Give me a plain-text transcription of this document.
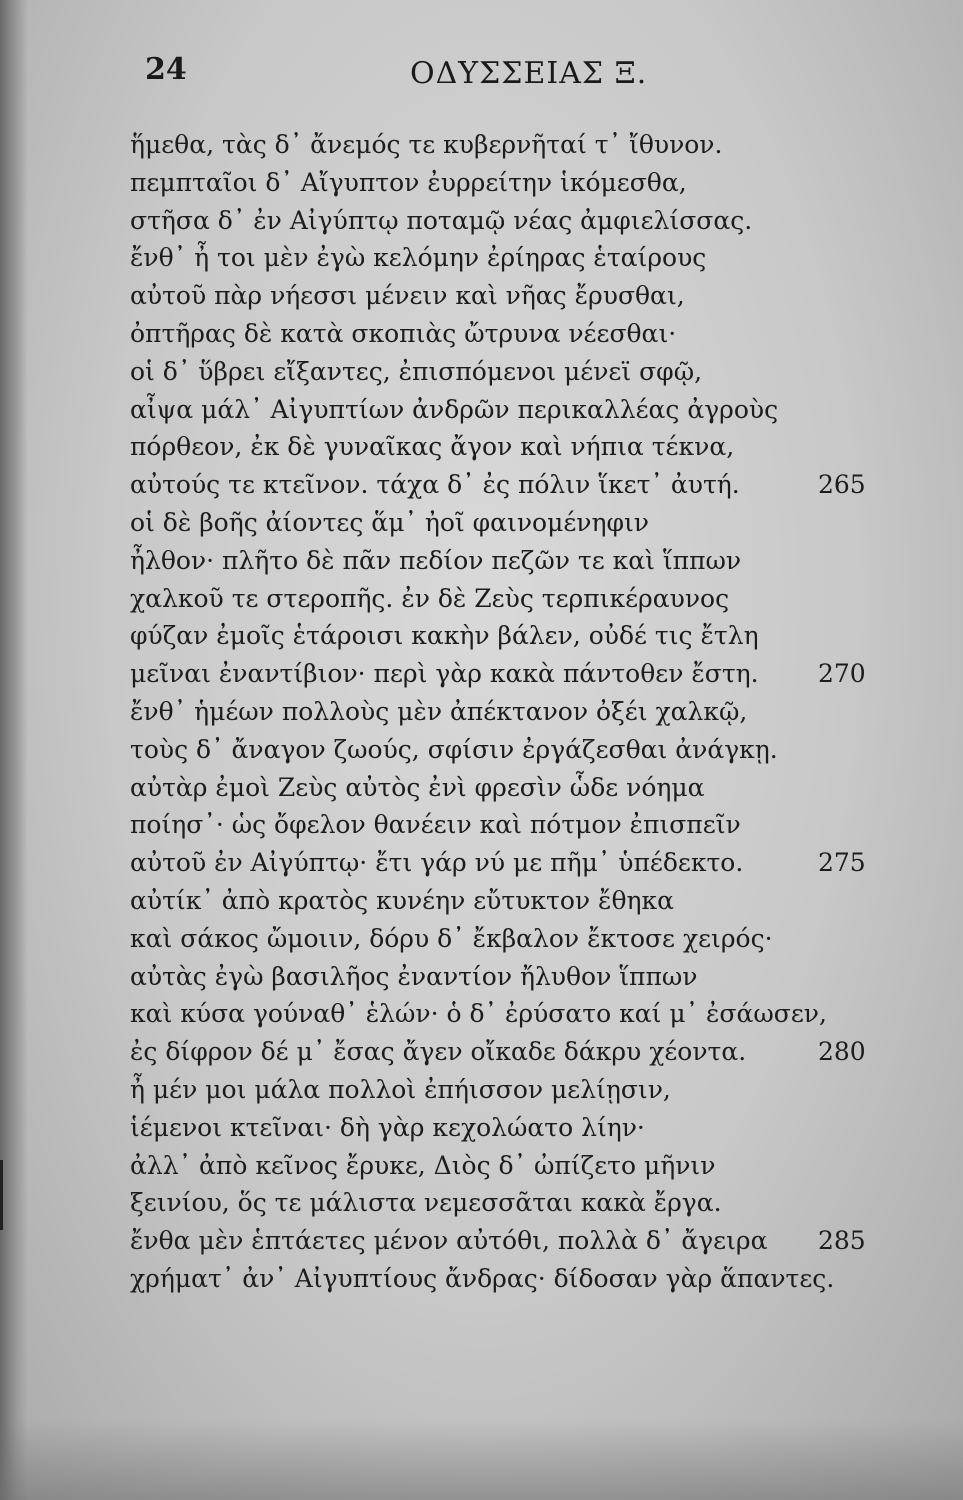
24	ΟΔΥΣΣΕΙΑΣ Ξ.
ἥμεθα, τὰς δ᾽ ἄνεμός τε κυβερνῆταί τ᾽ ἴθυνον.
πεμπταῖοι δ᾽ Αἴγυπτον ἐυρρείτην ἱκόμεσθα,
στῆσα δ᾽ ἐν Αἰγύπτῳ ποταμῷ νέας ἀμφιελίσσας.
ἔνθ᾽ ἦ τοι μὲν ἐγὼ κελόμην ἐρίηρας ἑταίρους
αὐτοῦ πὰρ νήεσσι μένειν καὶ νῆας ἔρυσθαι,
ὀπτῆρας δὲ κατὰ σκοπιὰς ὤτρυνα νέεσθαι·
οἱ δ᾽ ὕβρει εἴξαντες, ἐπισπόμενοι μένεϊ σφῷ,
αἶψα μάλ᾽ Αἰγυπτίων ἀνδρῶν περικαλλέας ἀγροὺς
πόρθεον, ἐκ δὲ γυναῖκας ἄγον καὶ νήπια τέκνα,
αὐτούς τε κτεῖνον. τάχα δ᾽ ἐς πόλιν ἵκετ᾽ ἀυτή.	265
οἱ δὲ βοῆς ἀίοντες ἅμ᾽ ἠοῖ φαινομένηφιν
ἦλθον· πλῆτο δὲ πᾶν πεδίον πεζῶν τε καὶ ἵππων
χαλκοῦ τε στεροπῆς. ἐν δὲ Ζεὺς τερπικέραυνος
φύζαν ἐμοῖς ἑτάροισι κακὴν βάλεν, οὐδέ τις ἔτλη
μεῖναι ἐναντίβιον· περὶ γὰρ κακὰ πάντοθεν ἔστη. 270
ἔνθ᾽ ἡμέων πολλοὺς μὲν ἀπέκτανον ὀξέι χαλκῷ,
τοὺς δ᾽ ἄναγον ζωούς, σφίσιν ἐργάζεσθαι ἀνάγκῃ.
αὐτὰρ ἐμοὶ Ζεὺς αὐτὸς ἐνὶ φρεσὶν ὧδε νόημα
ποίησ᾽· ὡς ὄφελον θανέειν καὶ πότμον ἐπισπεῖν
αὐτοῦ ἐν Αἰγύπτῳ· ἔτι γάρ νύ με πῆμ᾽ ὑπέδεκτο.	275
αὐτίκ᾽ ἀπὸ κρατὸς κυνέην εὔτυκτον ἔθηκα
καὶ σάκος ὤμοιιν, δόρυ δ᾽ ἔκβαλον ἔκτοσε χειρός·
αὐτὰς ἐγὼ βασιλῆος ἐναντίον ἤλυθον ἵππων
καὶ κύσα γούναθ᾽ ἑλών· ὁ δ᾽ ἐρύσατο καί μ᾽ ἐσάωσεν,
ἐς δίφρον δέ μ᾽ ἔσας ἄγεν οἴκαδε δάκρυ χέοντα.	280
ἦ μέν μοι μάλα πολλοὶ ἐπήισσον μελίῃσιν,
ἱέμενοι κτεῖναι· δὴ γὰρ κεχολώατο λίην·
ἀλλ᾽ ἀπὸ κεῖνος ἔρυκε, Διὸς δ᾽ ὠπίζετο μῆνιν
ξεινίου, ὅς τε μάλιστα νεμεσσᾶται κακὰ ἔργα.
ἔνθα μὲν ἑπτάετες μένον αὐτόθι, πολλὰ δ᾽ ἄγειρα 285
χρήματ᾽ ἀν᾽ Αἰγυπτίους ἄνδρας· δίδοσαν γὰρ ἅπαντες.
